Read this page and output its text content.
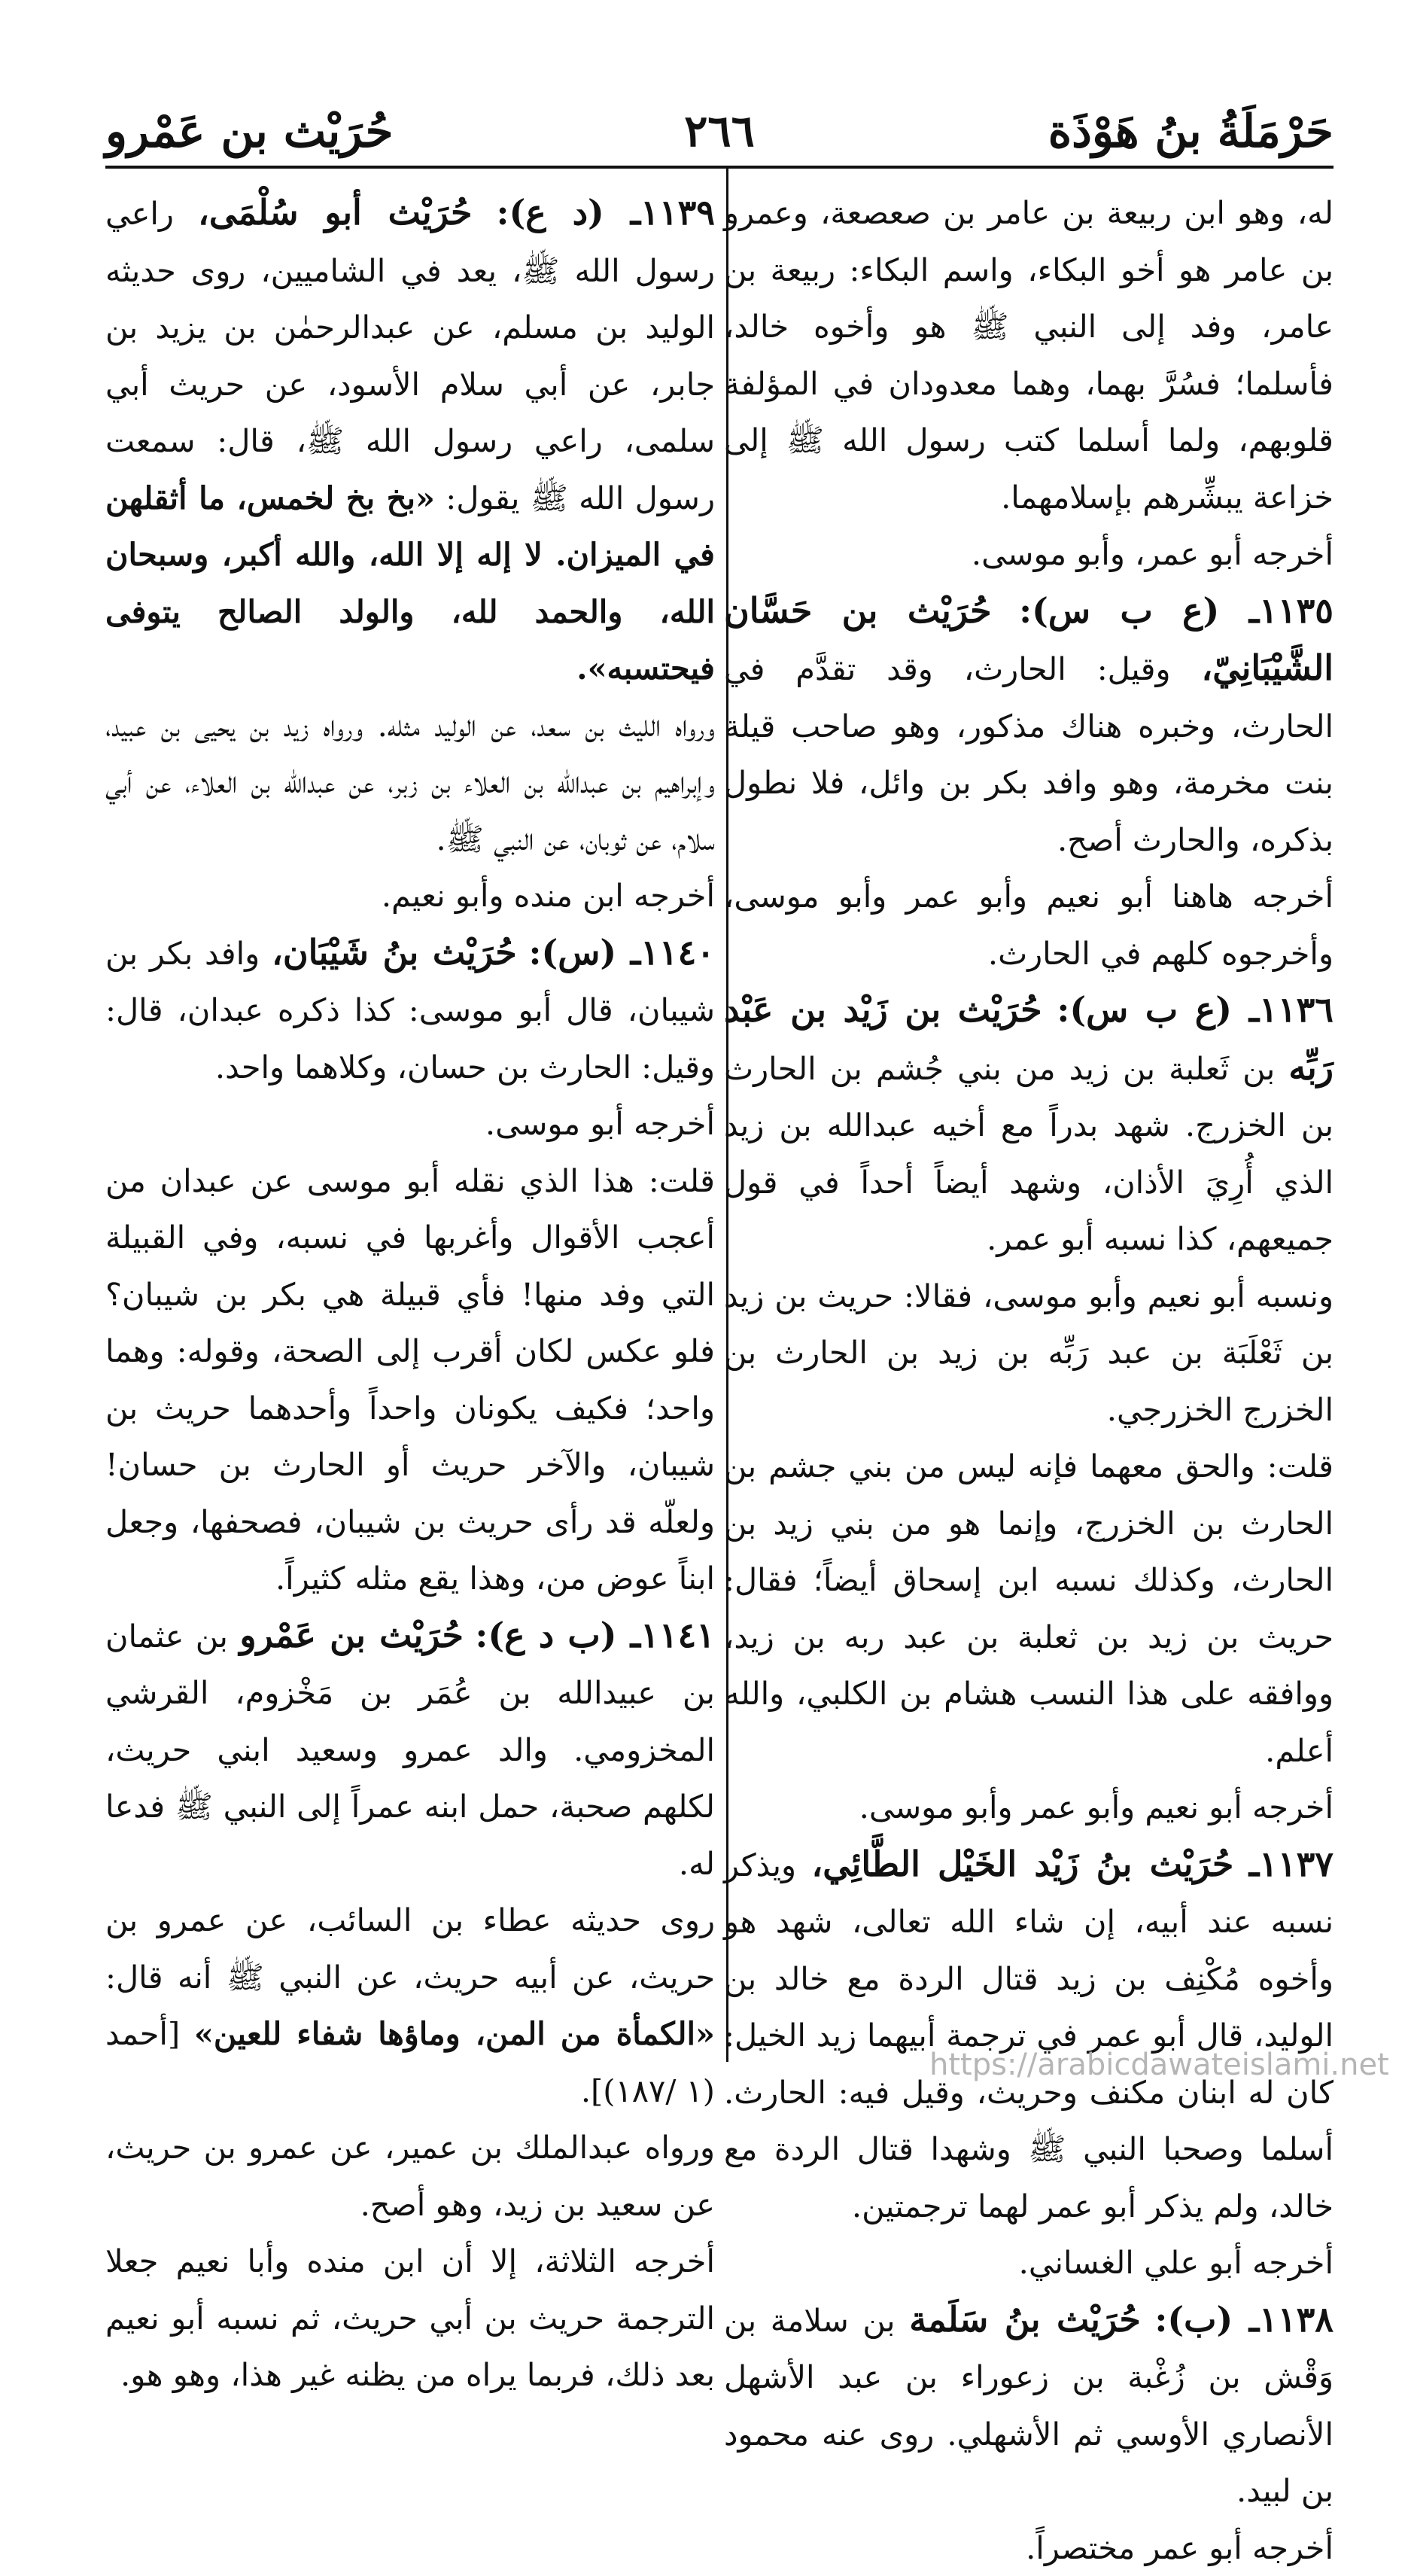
حَرْمَلَةُ بنُ هَوْذَة
٢٦٦
حُرَيْث بن عَمْرو

له، وهو ابن ربيعة بن عامر بن صعصعة، وعمرو بن عامر هو أخو البكاء، واسم البكاء: ربيعة بن عامر، وفد إلى النبي ﷺ هو وأخوه خالد، فأسلما؛ فسُرَّ بهما، وهما معدودان في المؤلفة قلوبهم، ولما أسلما كتب رسول الله ﷺ إلى خزاعة يبشِّرهم بإسلامهما.

أخرجه أبو عمر، وأبو موسى.

١١٣٥ـ (ع ب س): حُرَيْث بن حَسَّان الشَّيْبَانِيّ، وقيل: الحارث، وقد تقدَّم في الحارث، وخبره هناك مذكور، وهو صاحب قيلة بنت مخرمة، وهو وافد بكر بن وائل، فلا نطول بذكره، والحارث أصح.

أخرجه هاهنا أبو نعيم وأبو عمر وأبو موسى، وأخرجوه كلهم في الحارث.

١١٣٦ـ (ع ب س): حُرَيْث بن زَيْد بن عَبْد رَبِّه بن ثَعلبة بن زيد من بني جُشم بن الحارث بن الخزرج. شهد بدراً مع أخيه عبدالله بن زيد الذي أُرِيَ الأذان، وشهد أيضاً أحداً في قول جميعهم، كذا نسبه أبو عمر.

ونسبه أبو نعيم وأبو موسى، فقالا: حريث بن زيد بن ثَعْلَبَة بن عبد رَبِّه بن زيد بن الحارث بن الخزرج الخزرجي.

قلت: والحق معهما فإنه ليس من بني جشم بن الحارث بن الخزرج، وإنما هو من بني زيد بن الحارث، وكذلك نسبه ابن إسحاق أيضاً؛ فقال: حريث بن زيد بن ثعلبة بن عبد ربه بن زيد، ووافقه على هذا النسب هشام بن الكلبي، والله أعلم.

أخرجه أبو نعيم وأبو عمر وأبو موسى.

١١٣٧ـ حُرَيْث بنُ زَيْد الخَيْل الطَّائِي، ويذكر نسبه عند أبيه، إن شاء الله تعالى، شهد هو وأخوه مُكْنِف بن زيد قتال الردة مع خالد بن الوليد، قال أبو عمر في ترجمة أبيهما زيد الخيل: كان له ابنان مكنف وحريث، وقيل فيه: الحارث. أسلما وصحبا النبي ﷺ وشهدا قتال الردة مع خالد، ولم يذكر أبو عمر لهما ترجمتين.

أخرجه أبو علي الغساني.

١١٣٨ـ (ب): حُرَيْث بنُ سَلَمة بن سلامة بن وَقْش بن زُغْبة بن زعوراء بن عبد الأشهل الأنصاري الأوسي ثم الأشهلي. روى عنه محمود بن لبيد.

أخرجه أبو عمر مختصراً.

١١٣٩ـ (د ع): حُرَيْث أبو سُلْمَى، راعي رسول الله ﷺ، يعد في الشاميين، روى حديثه الوليد بن مسلم، عن عبدالرحمٰن بن يزيد بن جابر، عن أبي سلام الأسود، عن حريث أبي سلمى، راعي رسول الله ﷺ، قال: سمعت رسول الله ﷺ يقول: «بخ بخ لخمس، ما أثقلهن في الميزان. لا إله إلا الله، والله أكبر، وسبحان الله، والحمد لله، والولد الصالح يتوفى فيحتسبه».

ورواه الليث بن سعد، عن الوليد مثله. ورواه زيد بن يحيى بن عبيد، وإبراهيم بن عبدالله بن العلاء بن زبر، عن عبدالله بن العلاء، عن أبي سلام، عن ثوبان، عن النبي ﷺ.

أخرجه ابن منده وأبو نعيم.

١١٤٠ـ (س): حُرَيْث بنُ شَيْبَان، وافد بكر بن شيبان، قال أبو موسى: كذا ذكره عبدان، قال: وقيل: الحارث بن حسان، وكلاهما واحد.

أخرجه أبو موسى.

قلت: هذا الذي نقله أبو موسى عن عبدان من أعجب الأقوال وأغربها في نسبه، وفي القبيلة التي وفد منها! فأي قبيلة هي بكر بن شيبان؟ فلو عكس لكان أقرب إلى الصحة، وقوله: وهما واحد؛ فكيف يكونان واحداً وأحدهما حريث بن شيبان، والآخر حريث أو الحارث بن حسان! ولعلّه قد رأى حريث بن شيبان، فصحفها، وجعل ابناً عوض من، وهذا يقع مثله كثيراً.

١١٤١ـ (ب د ع): حُرَيْث بن عَمْرو بن عثمان بن عبيدالله بن عُمَر بن مَخْزوم، القرشي المخزومي. والد عمرو وسعيد ابني حريث، لكلهم صحبة، حمل ابنه عمراً إلى النبي ﷺ فدعا له.

روى حديثه عطاء بن السائب، عن عمرو بن حريث، عن أبيه حريث، عن النبي ﷺ أنه قال: «الكمأة من المن، وماؤها شفاء للعين» [أحمد (١ /١٨٧)].

ورواه عبدالملك بن عمير، عن عمرو بن حريث، عن سعيد بن زيد، وهو أصح.

أخرجه الثلاثة، إلا أن ابن منده وأبا نعيم جعلا الترجمة حريث بن أبي حريث، ثم نسبه أبو نعيم بعد ذلك، فربما يراه من يظنه غير هذا، وهو هو.

https://arabicdawateislami.net
